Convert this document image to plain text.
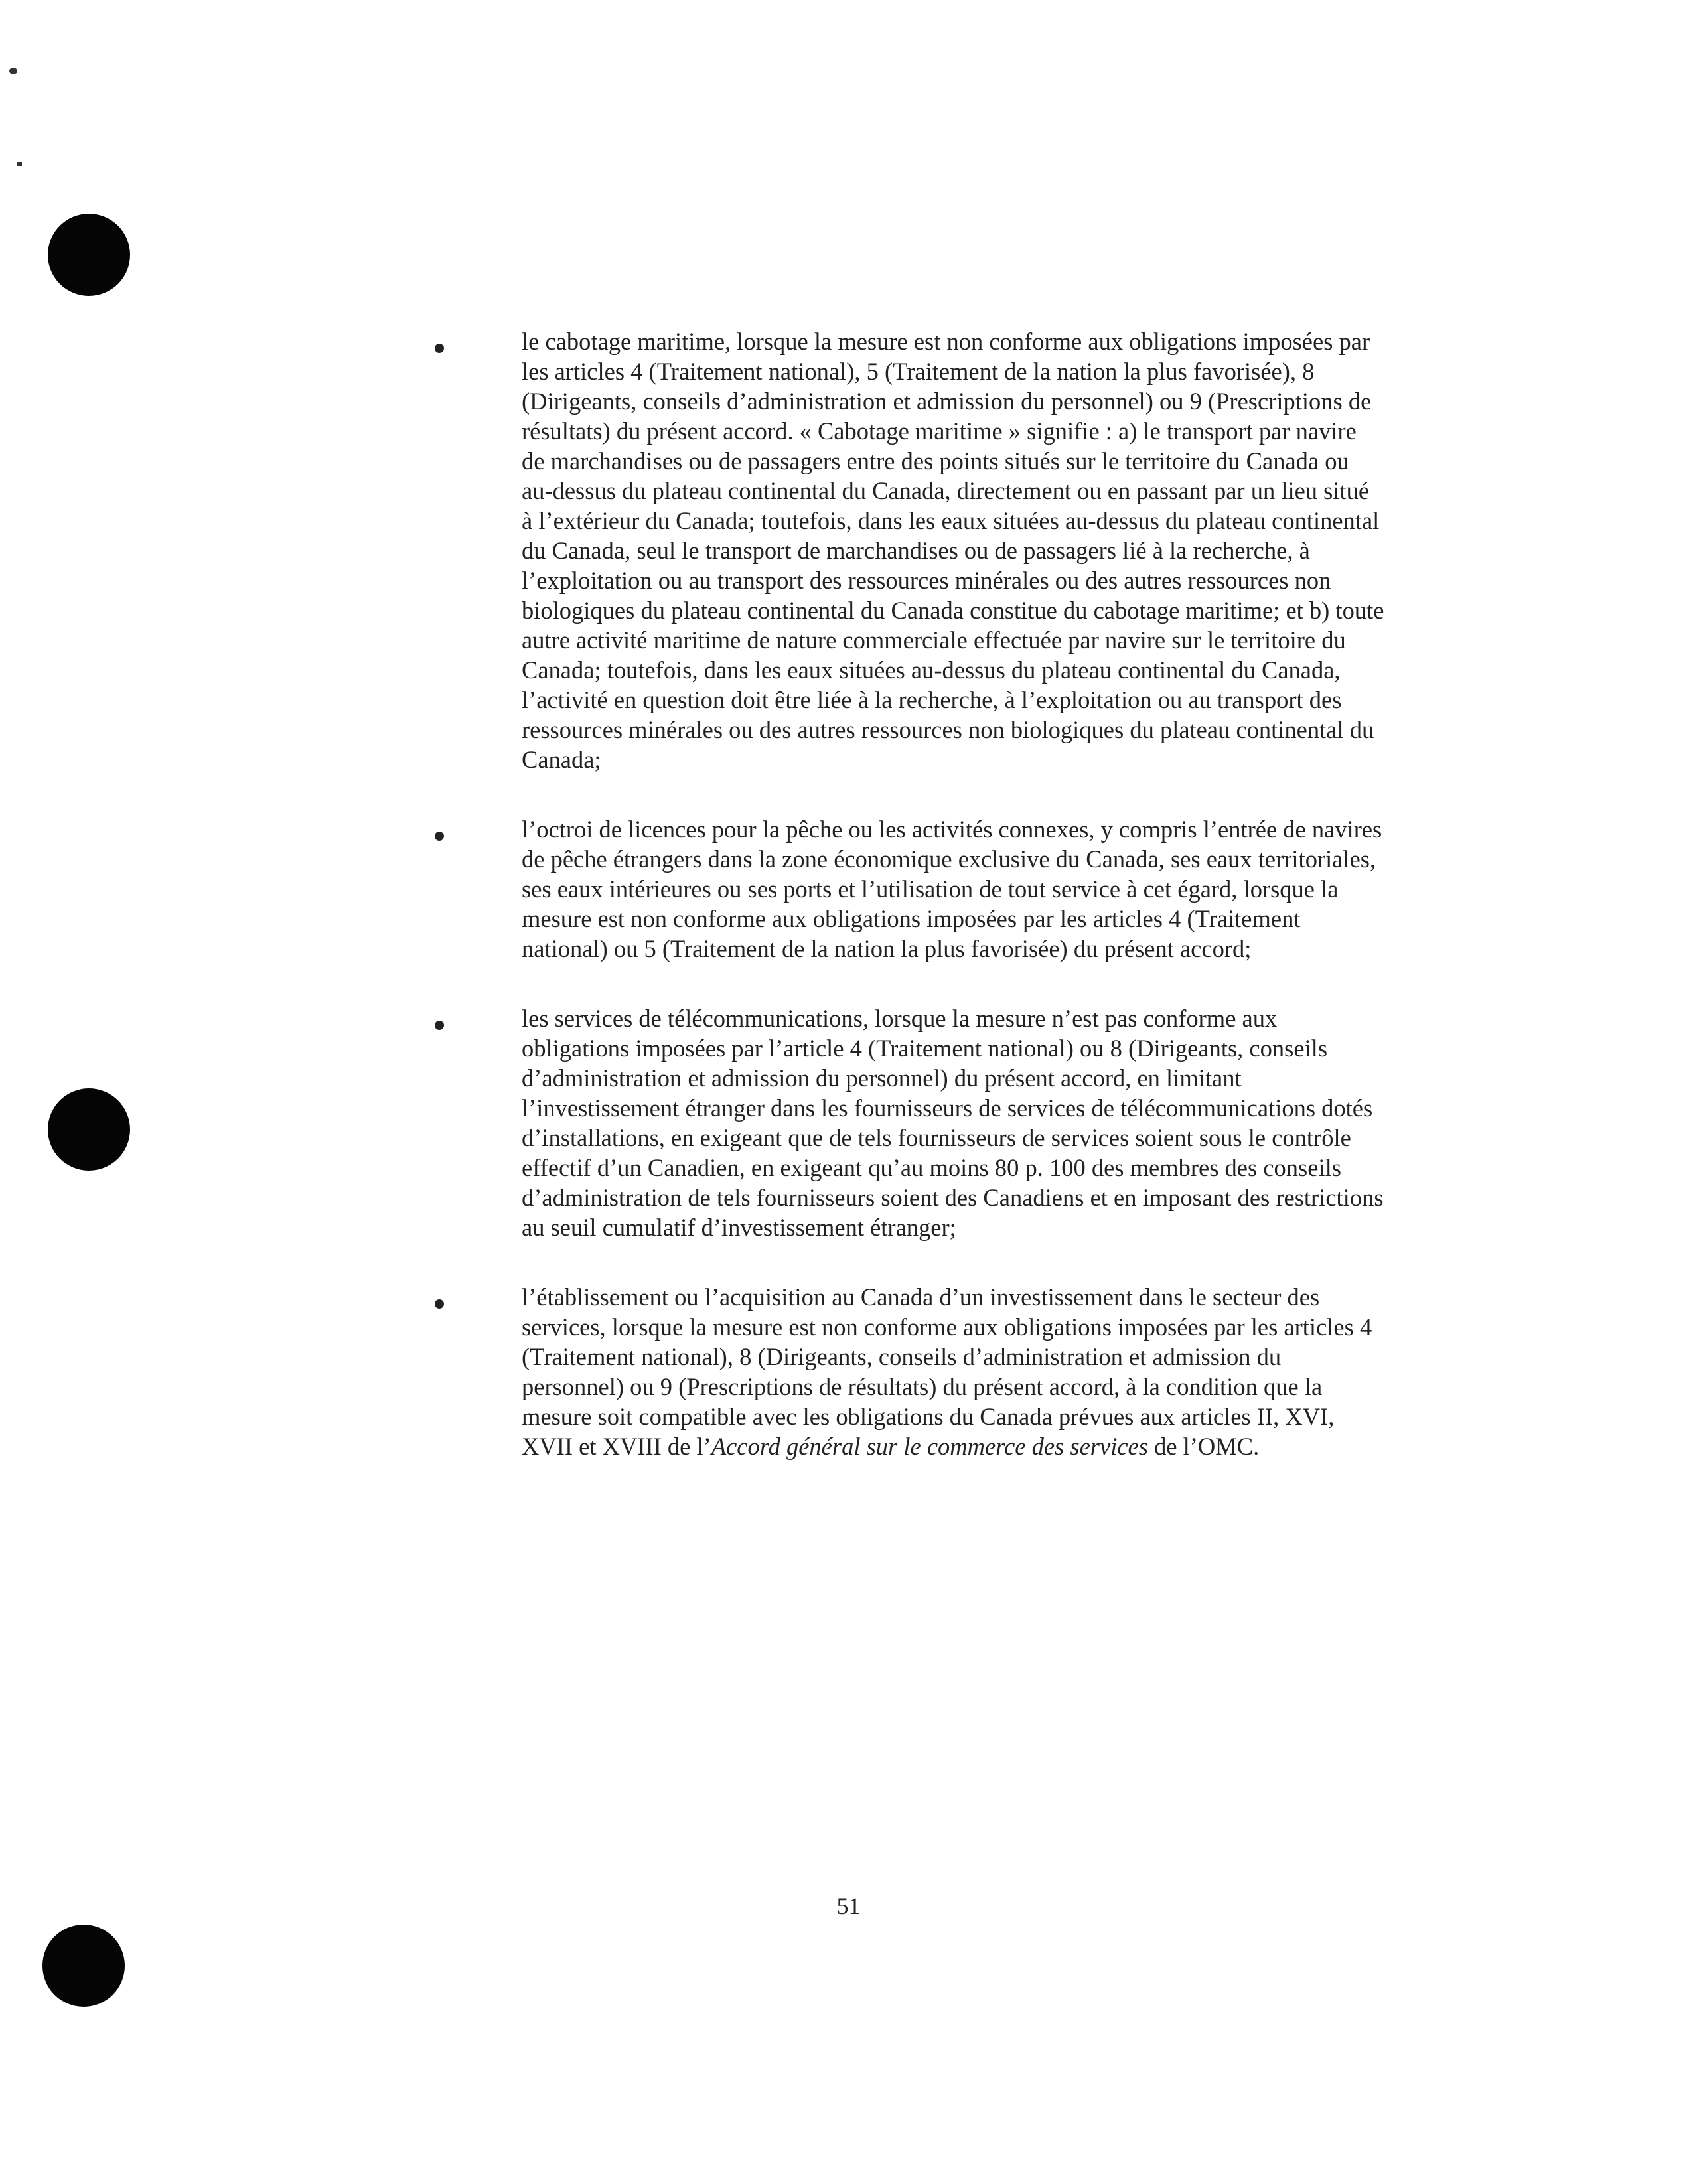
le cabotage maritime, lorsque la mesure est non conforme aux obligations imposées par les articles 4 (Traitement national), 5 (Traitement de la nation la plus favorisée), 8 (Dirigeants, conseils d’administration et admission du personnel) ou 9 (Prescriptions de résultats) du présent accord. « Cabotage maritime » signifie : a) le transport par navire de marchandises ou de passagers entre des points situés sur le territoire du Canada ou au-dessus du plateau continental du Canada, directement ou en passant par un lieu situé à l’extérieur du Canada; toutefois, dans les eaux situées au-dessus du plateau continental du Canada, seul le transport de marchandises ou de passagers lié à la recherche, à l’exploitation ou au transport des ressources minérales ou des autres ressources non biologiques du plateau continental du Canada constitue du cabotage maritime; et b) toute autre activité maritime de nature commerciale effectuée par navire sur le territoire du Canada; toutefois, dans les eaux situées au-dessus du plateau continental du Canada, l’activité en question doit être liée à la recherche, à l’exploitation ou au transport des ressources minérales ou des autres ressources non biologiques du plateau continental du Canada;

l’octroi de licences pour la pêche ou les activités connexes, y compris l’entrée de navires de pêche étrangers dans la zone économique exclusive du Canada, ses eaux territoriales, ses eaux intérieures ou ses ports et l’utilisation de tout service à cet égard, lorsque la mesure est non conforme aux obligations imposées par les articles 4 (Traitement national) ou 5 (Traitement de la nation la plus favorisée) du présent accord;

les services de télécommunications, lorsque la mesure n’est pas conforme aux obligations imposées par l’article 4 (Traitement national) ou 8 (Dirigeants, conseils d’administration et admission du personnel) du présent accord, en limitant l’investissement étranger dans les fournisseurs de services de télécommunications dotés d’installations, en exigeant que de tels fournisseurs de services soient sous le contrôle effectif d’un Canadien, en exigeant qu’au moins 80 p. 100 des membres des conseils d’administration de tels fournisseurs soient des Canadiens et en imposant des restrictions au seuil cumulatif d’investissement étranger;

l’établissement ou l’acquisition au Canada d’un investissement dans le secteur des services, lorsque la mesure est non conforme aux obligations imposées par les articles 4 (Traitement national), 8 (Dirigeants, conseils d’administration et admission du personnel) ou 9 (Prescriptions de résultats) du présent accord, à la condition que la mesure soit compatible avec les obligations du Canada prévues aux articles II, XVI, XVII et XVIII de l’Accord général sur le commerce des services de l’OMC.

51
